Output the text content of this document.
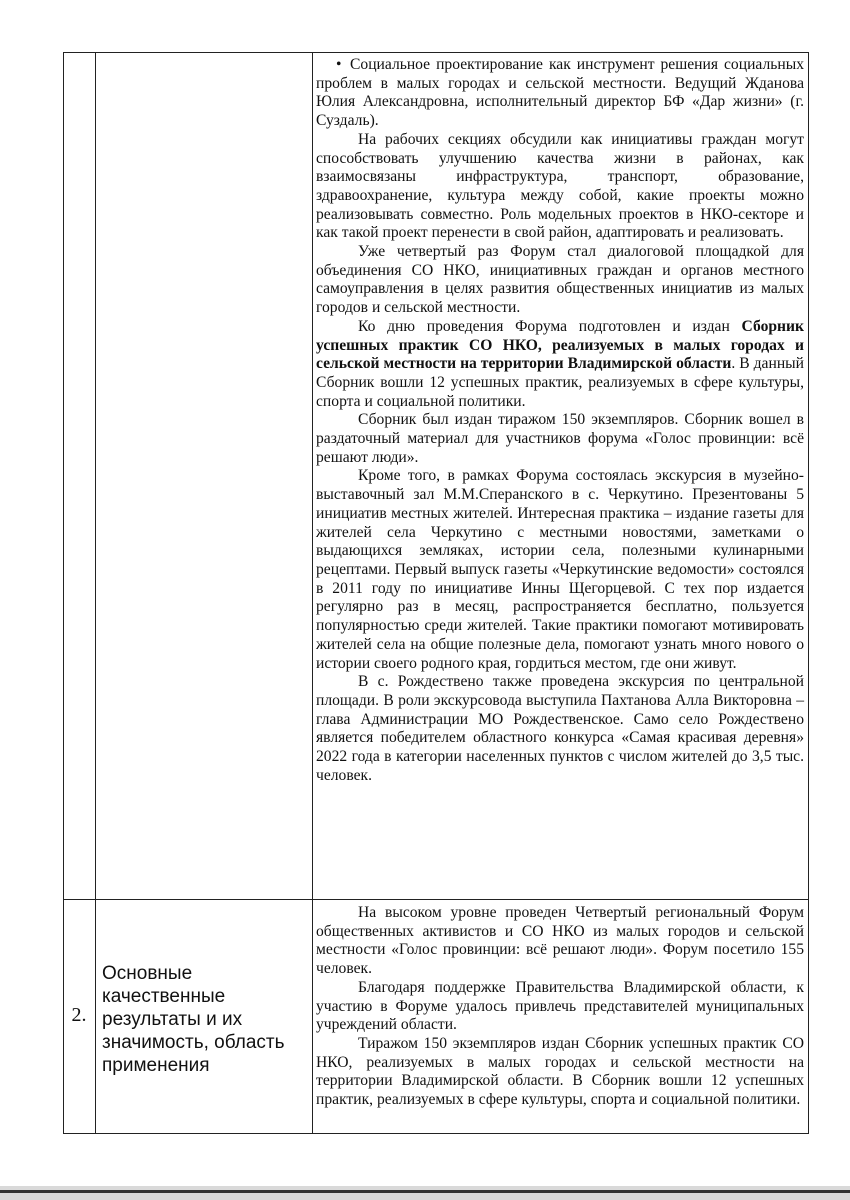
• Социальное проектирование как инструмент решения социальных проблем в малых городах и сельской местности. Ведущий Жданова Юлия Александровна, исполнительный директор БФ «Дар жизни» (г. Суздаль).

На рабочих секциях обсудили как инициативы граждан могут способствовать улучшению качества жизни в районах, как взаимосвязаны инфраструктура, транспорт, образование, здравоохранение, культура между собой, какие проекты можно реализовывать совместно. Роль модельных проектов в НКО-секторе и как такой проект перенести в свой район, адаптировать и реализовать.

Уже четвертый раз Форум стал диалоговой площадкой для объединения СО НКО, инициативных граждан и органов местного самоуправления в целях развития общественных инициатив из малых городов и сельской местности.

Ко дню проведения Форума подготовлен и издан Сборник успешных практик СО НКО, реализуемых в малых городах и сельской местности на территории Владимирской области. В данный Сборник вошли 12 успешных практик, реализуемых в сфере культуры, спорта и социальной политики.

Сборник был издан тиражом 150 экземпляров. Сборник вошел в раздаточный материал для участников форума «Голос провинции: всё решают люди».

Кроме того, в рамках Форума состоялась экскурсия в музейно-выставочный зал М.М.Сперанского в с. Черкутино. Презентованы 5 инициатив местных жителей. Интересная практика – издание газеты для жителей села Черкутино с местными новостями, заметками о выдающихся земляках, истории села, полезными кулинарными рецептами. Первый выпуск газеты «Черкутинские ведомости» состоялся в 2011 году по инициативе Инны Щегорцевой. С тех пор издается регулярно раз в месяц, распространяется бесплатно, пользуется популярностью среди жителей. Такие практики помогают мотивировать жителей села на общие полезные дела, помогают узнать много нового о истории своего родного края, гордиться местом, где они живут.

В с. Рождествено также проведена экскурсия по центральной площади. В роли экскурсовода выступила Пахтанова Алла Викторовна – глава Администрации МО Рождественское. Само село Рождествено является победителем областного конкурса «Самая красивая деревня» 2022 года в категории населенных пунктов с числом жителей до 3,5 тыс. человек.

2.
Основные качественные результаты и их значимость, область применения

На высоком уровне проведен Четвертый региональный Форум общественных активистов и СО НКО из малых городов и сельской местности «Голос провинции: всё решают люди». Форум посетило 155 человек.

Благодаря поддержке Правительства Владимирской области, к участию в Форуме удалось привлечь представителей муниципальных учреждений области.

Тиражом 150 экземпляров издан Сборник успешных практик СО НКО, реализуемых в малых городах и сельской местности на территории Владимирской области. В Сборник вошли 12 успешных практик, реализуемых в сфере культуры, спорта и социальной политики.
